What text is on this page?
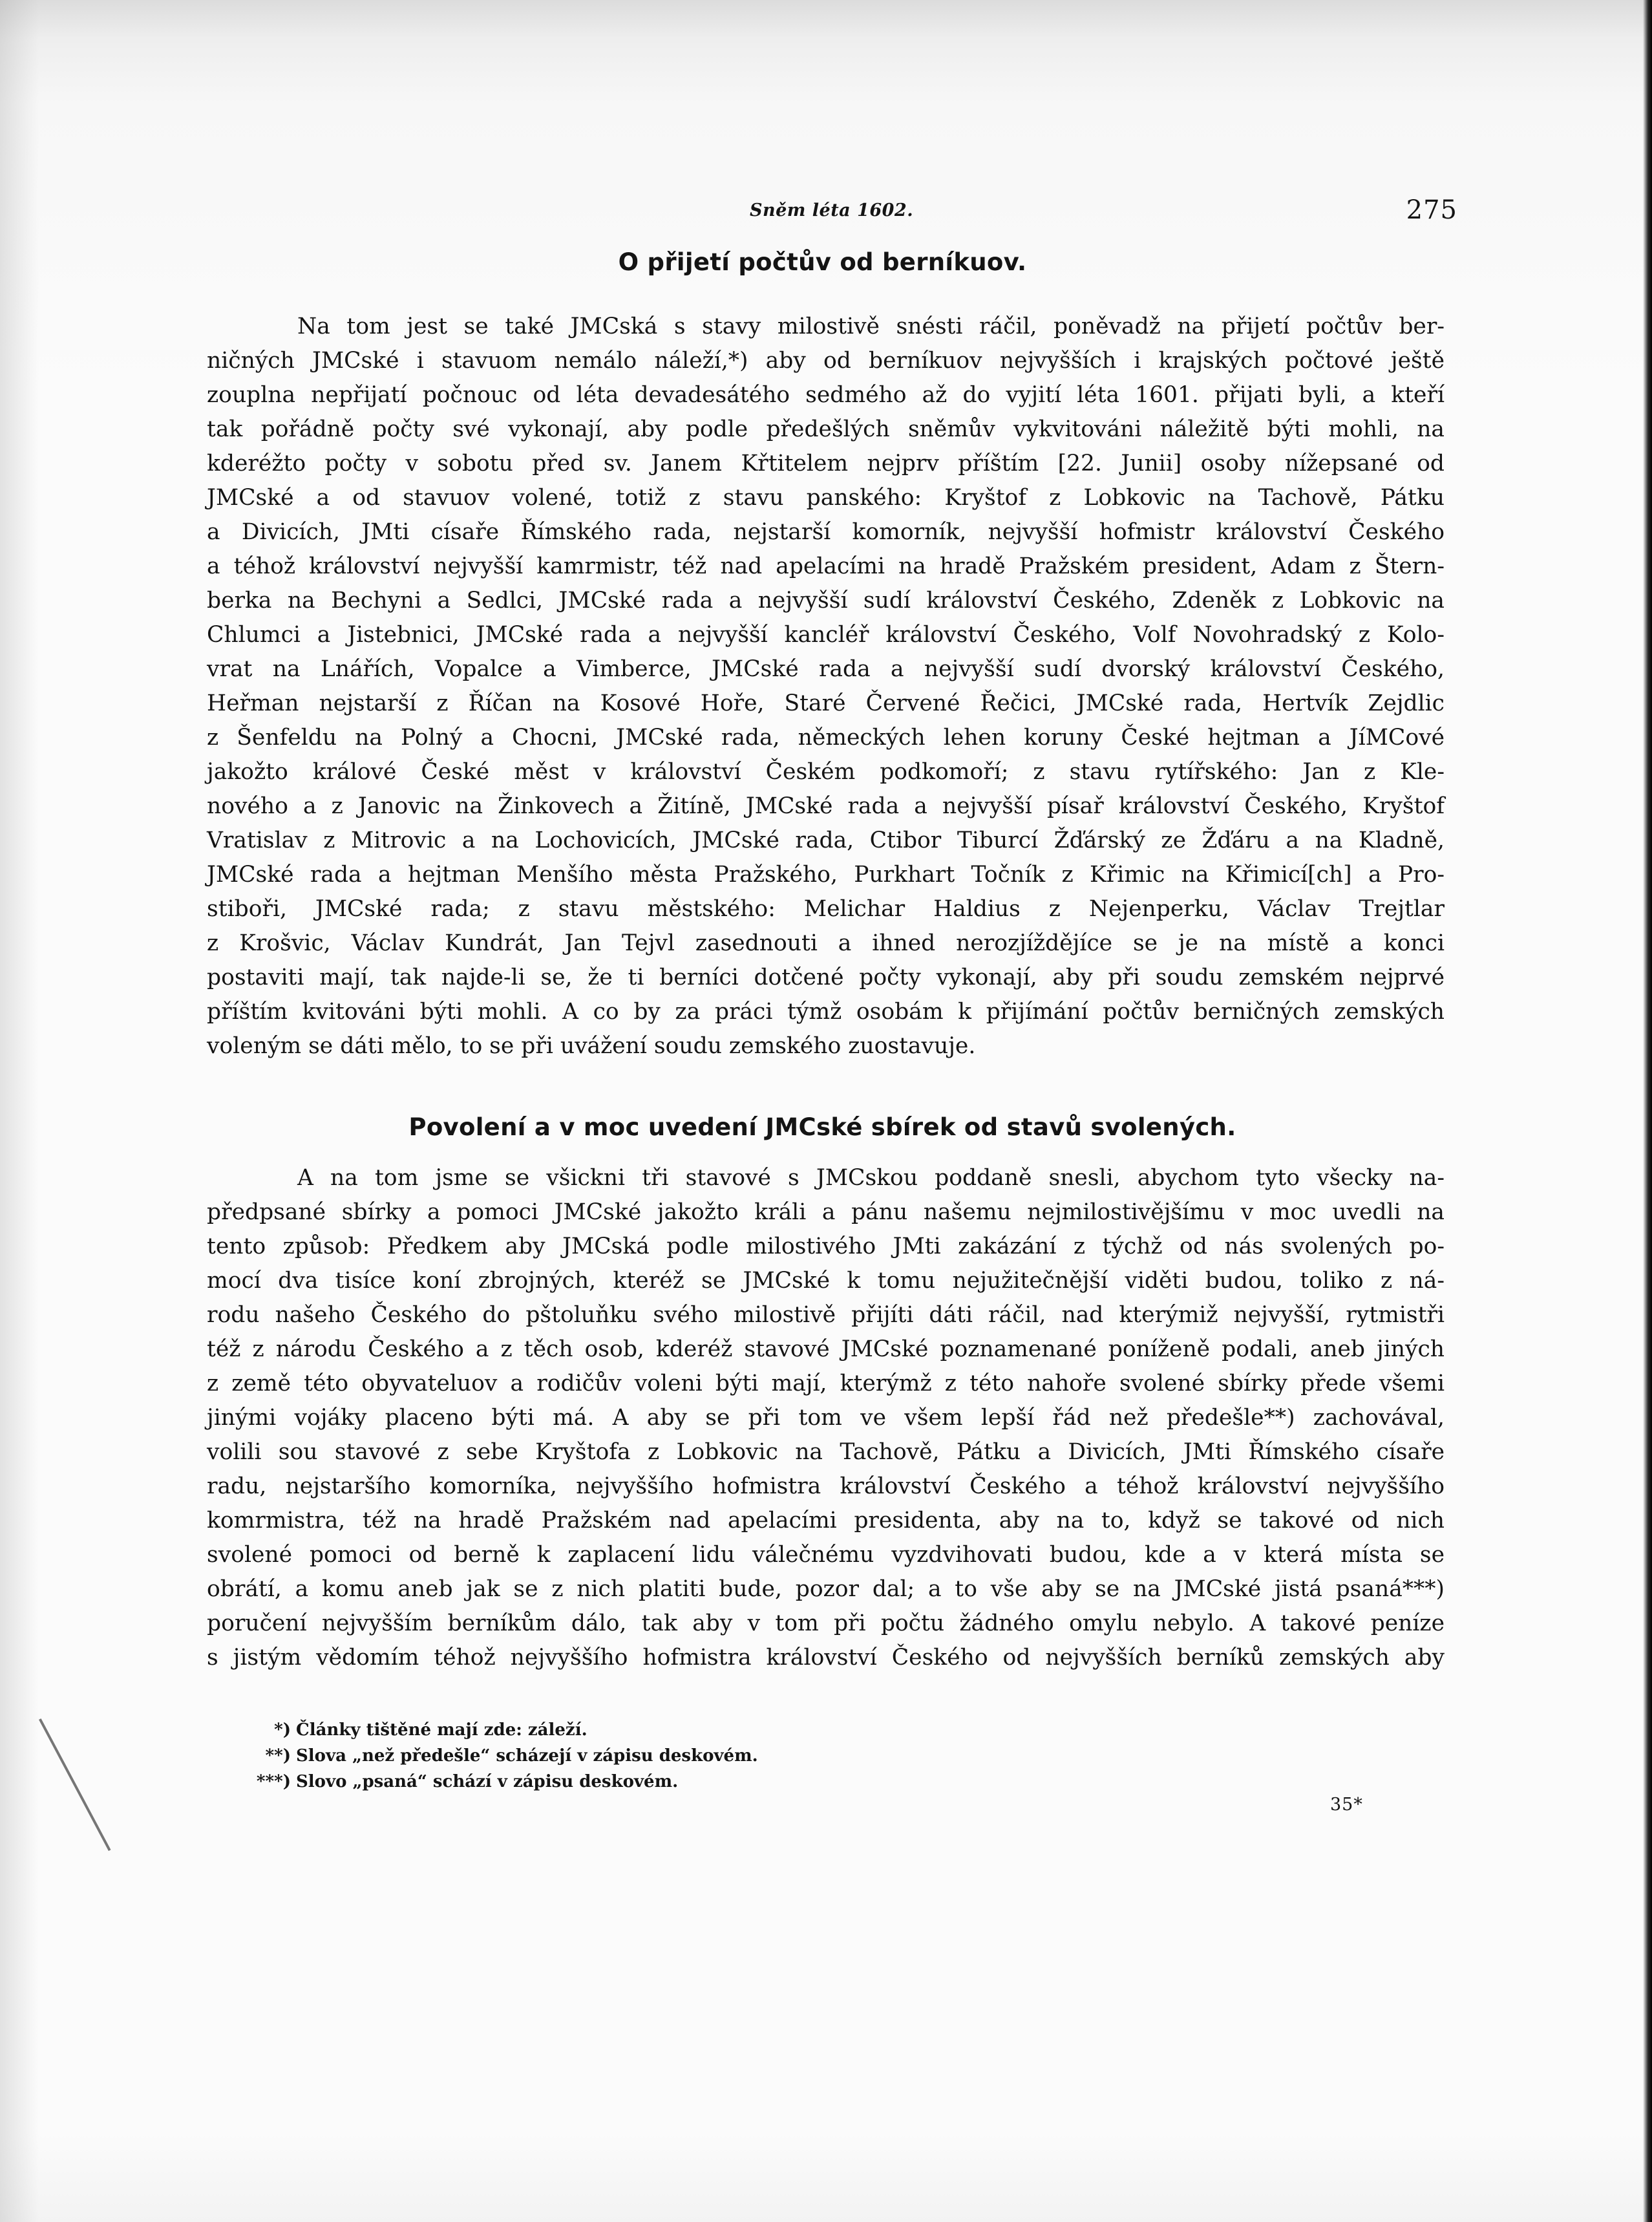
Sněm léta 1602.	275
O přijetí počtův od berníkuov.
Na tom jest se také JMCská s stavy milostivě snésti ráčil, poněvadž na přijetí počtův ber-
ničných JMCské i stavuom nemálo náleží,*) aby od berníkuov nejvyšších i krajských počtové ještě
zouplna nepřijatí počnouc od léta devadesátého sedmého až do vyjití léta 1601. přijati byli, a kteří
tak pořádně počty své vykonají, aby podle předešlých sněmův vykvitováni náležitě býti mohli, na
kderéžto počty v sobotu před sv. Janem Křtitelem nejprv příštím [22. Junii] osoby nížepsané od
JMCské a od stavuov volené, totiž z stavu panského: Kryštof z Lobkovic na Tachově, Pátku
a Divicích, JMti císaře Římského rada, nejstarší komorník, nejvyšší hofmistr království Českého
a téhož království nejvyšší kamrmistr, též nad apelacími na hradě Pražském president, Adam z Štern-
berka na Bechyni a Sedlci, JMCské rada a nejvyšší sudí království Českého, Zdeněk z Lobkovic na
Chlumci a Jistebnici, JMCské rada a nejvyšší kancléř království Českého, Volf Novohradský z Kolo-
vrat na Lnářích, Vopalce a Vimberce, JMCské rada a nejvyšší sudí dvorský království Českého,
Heřman nejstarší z Říčan na Kosové Hoře, Staré Červené Řečici, JMCské rada, Hertvík Zejdlic
z Šenfeldu na Polný a Chocni, JMCské rada, německých lehen koruny České hejtman a JíMCové
jakožto králové České měst v království Českém podkomoří; z stavu rytířského: Jan z Kle-
nového a z Janovic na Žinkovech a Žitíně, JMCské rada a nejvyšší písař království Českého, Kryštof
Vratislav z Mitrovic a na Lochovicích, JMCské rada, Ctibor Tiburcí Žďárský ze Žďáru a na Kladně,
JMCské rada a hejtman Menšího města Pražského, Purkhart Točník z Křimic na Křimicí[ch] a Pro-
stiboři, JMCské rada; z stavu městského: Melichar Haldius z Nejenperku, Václav Trejtlar
z Krošvic, Václav Kundrát, Jan Tejvl zasednouti a ihned nerozjíždějíce se je na místě a konci
postaviti mají, tak najde-li se, že ti berníci dotčené počty vykonají, aby při soudu zemském nejprvé
příštím kvitováni býti mohli. A co by za práci týmž osobám k přijímání počtův berničných zemských
voleným se dáti mělo, to se při uvážení soudu zemského zuostavuje.
Povolení a v moc uvedení JMCské sbírek od stavů svolených.
A na tom jsme se všickni tři stavové s JMCskou poddaně snesli, abychom tyto všecky na-
předpsané sbírky a pomoci JMCské jakožto králi a pánu našemu nejmilostivějšímu v moc uvedli na
tento způsob: Předkem aby JMCská podle milostivého JMti zakázání z týchž od nás svolených po-
mocí dva tisíce koní zbrojných, kteréž se JMCské k tomu nejužitečnější viděti budou, toliko z ná-
rodu našeho Českého do pštoluňku svého milostivě přijíti dáti ráčil, nad kterýmiž nejvyšší, rytmistři
též z národu Českého a z těch osob, kderéž stavové JMCské poznamenané poníženě podali, aneb jiných
z země této obyvateluov a rodičův voleni býti mají, kterýmž z této nahoře svolené sbírky přede všemi
jinými vojáky placeno býti má. A aby se při tom ve všem lepší řád než předešle**) zachovával,
volili sou stavové z sebe Kryštofa z Lobkovic na Tachově, Pátku a Divicích, JMti Římského císaře
radu, nejstaršího komorníka, nejvyššího hofmistra království Českého a téhož království nejvyššího
komrmistra, též na hradě Pražském nad apelacími presidenta, aby na to, když se takové od nich
svolené pomoci od berně k zaplacení lidu válečnému vyzdvihovati budou, kde a v která místa se
obrátí, a komu aneb jak se z nich platiti bude, pozor dal; a to vše aby se na JMCské jistá psaná***)
poručení nejvyšším berníkům dálo, tak aby v tom při počtu žádného omylu nebylo. A takové peníze
s jistým vědomím téhož nejvyššího hofmistra království Českého od nejvyšších berníků zemských aby
*) Články tištěné mají zde: záleží.
**) Slova „než předešle“ scházejí v zápisu deskovém.
***) Slovo „psaná“ schází v zápisu deskovém.
35*
